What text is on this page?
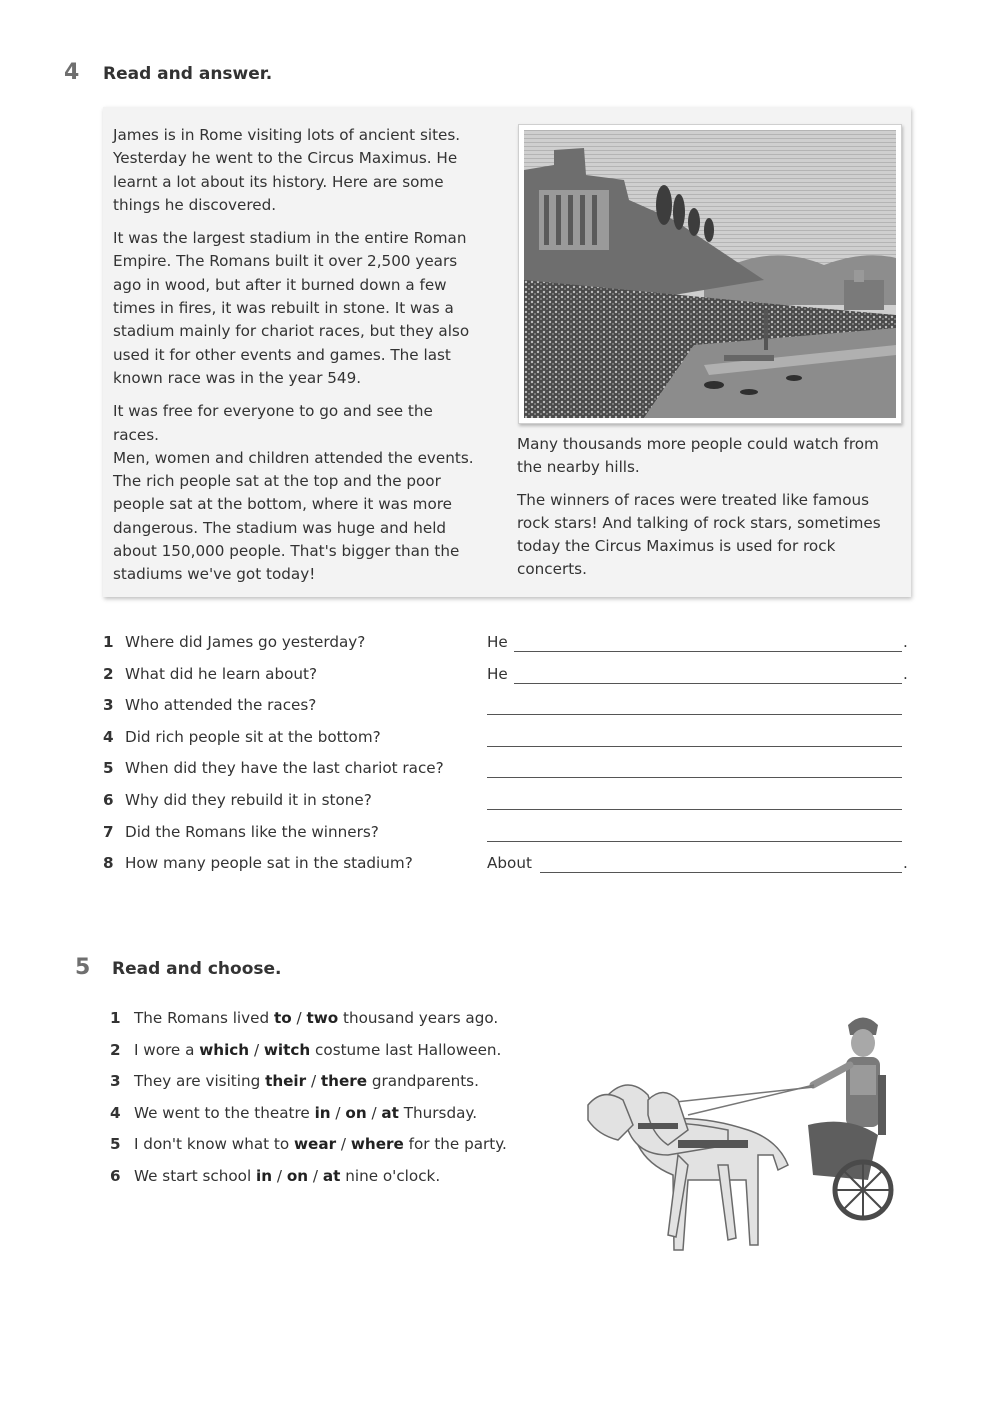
4 Read and answer.

James is in Rome visiting lots of ancient sites.
Yesterday he went to the Circus Maximus. He
learnt a lot about its history. Here are some
things he discovered.

It was the largest stadium in the entire Roman
Empire. The Romans built it over 2,500 years
ago in wood, but after it burned down a few
times in fires, it was rebuilt in stone. It was a
stadium mainly for chariot races, but they also
used it for other events and games. The last
known race was in the year 549.

It was free for everyone to go and see the
races.
Men, women and children attended the events.
The rich people sat at the top and the poor
people sat at the bottom, where it was more
dangerous. The stadium was huge and held
about 150,000 people. That's bigger than the
stadiums we've got today!

Many thousands more people could watch from
the nearby hills.

The winners of races were treated like famous
rock stars! And talking of rock stars, sometimes
today the Circus Maximus is used for rock
concerts.

1 Where did James go yesterday?	He	.
2 What did he learn about?	He	.
3 Who attended the races?
4 Did rich people sit at the bottom?
5 When did they have the last chariot race?
6 Why did they rebuild it in stone?
7 Did the Romans like the winners?
8 How many people sat in the stadium?	About	.
5 Read and choose.
1 The Romans lived to / two thousand years ago.
2 I wore a which / witch costume last Halloween.
3 They are visiting their / there grandparents.
4 We went to the theatre in / on / at Thursday.
5 I don't know what to wear / where for the party.
6 We start school in / on / at nine o'clock.
